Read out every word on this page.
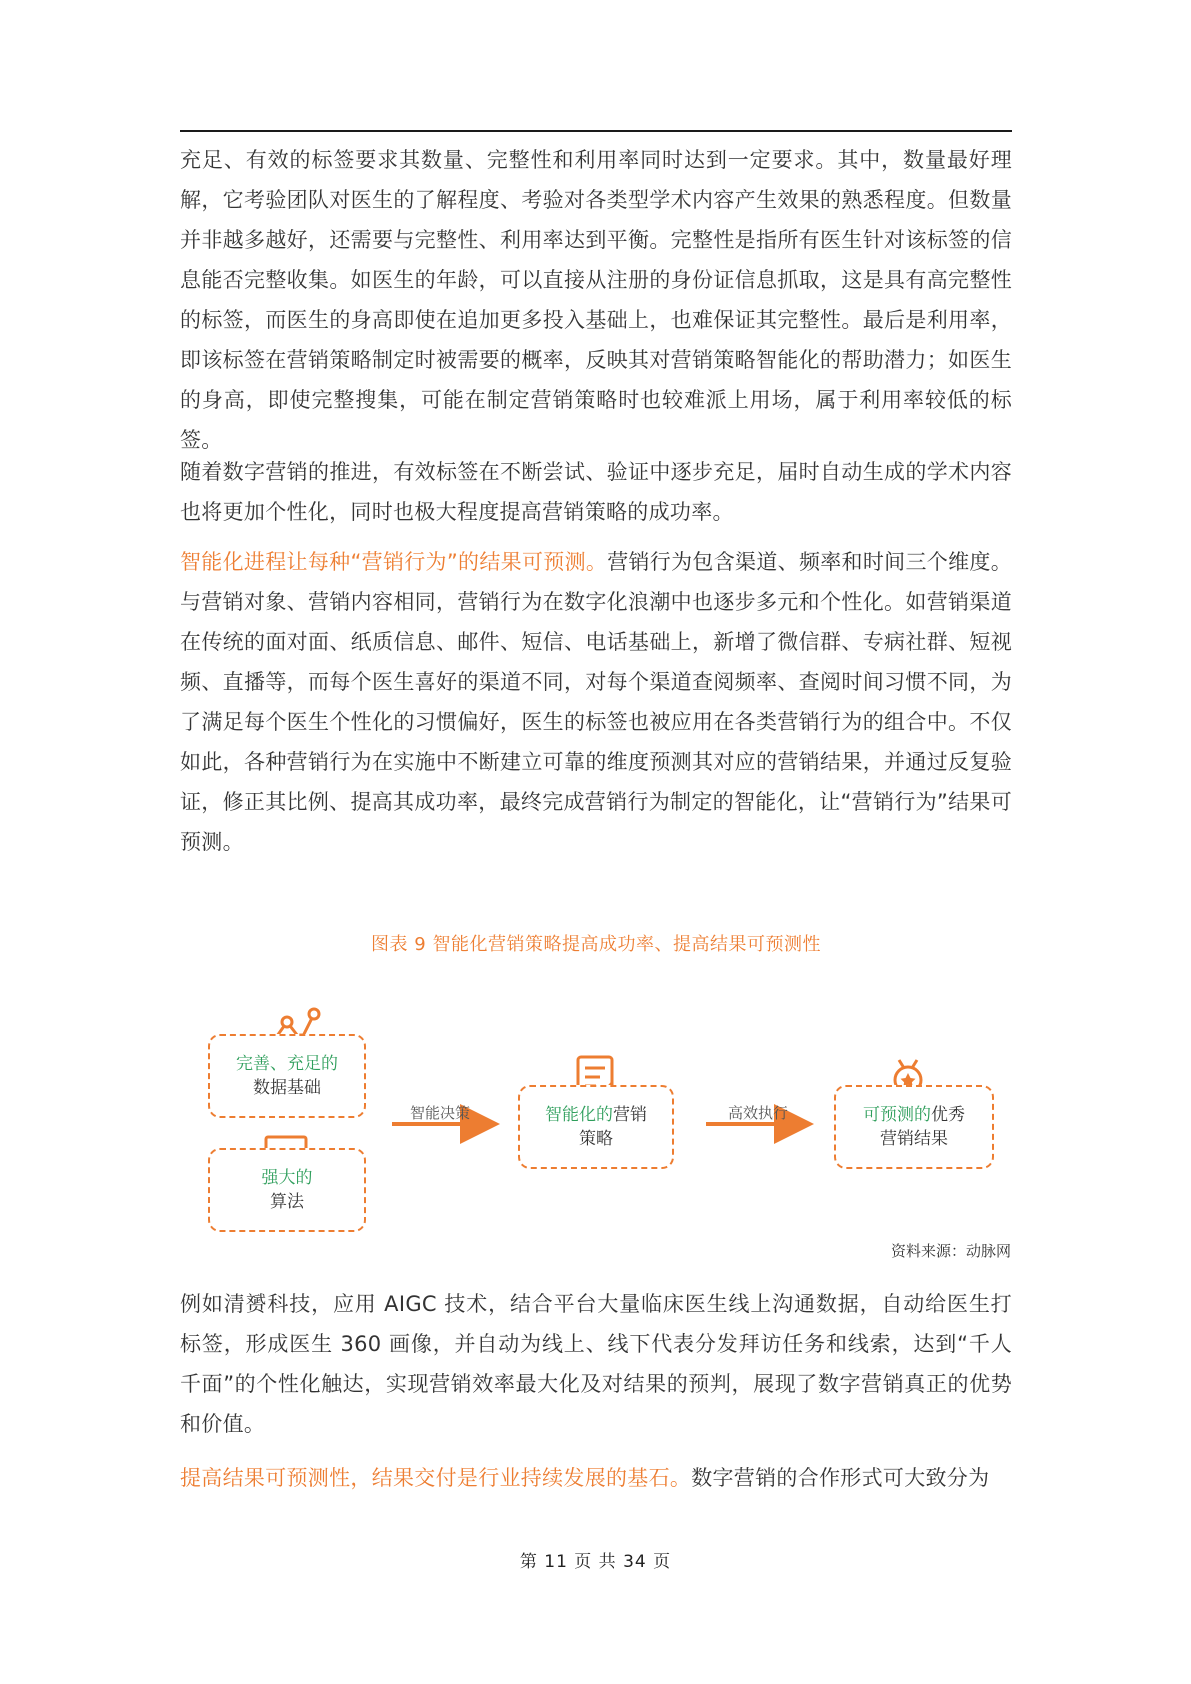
充足、有效的标签要求其数量、完整性和利用率同时达到一定要求。其中，数量最好理解，它考验团队对医生的了解程度、考验对各类型学术内容产生效果的熟悉程度。但数量并非越多越好，还需要与完整性、利用率达到平衡。完整性是指所有医生针对该标签的信息能否完整收集。如医生的年龄，可以直接从注册的身份证信息抓取，这是具有高完整性的标签，而医生的身高即使在追加更多投入基础上，也难保证其完整性。最后是利用率，即该标签在营销策略制定时被需要的概率，反映其对营销策略智能化的帮助潜力；如医生的身高，即使完整搜集，可能在制定营销策略时也较难派上用场，属于利用率较低的标签。

随着数字营销的推进，有效标签在不断尝试、验证中逐步充足，届时自动生成的学术内容也将更加个性化，同时也极大程度提高营销策略的成功率。

智能化进程让每种“营销行为”的结果可预测。营销行为包含渠道、频率和时间三个维度。与营销对象、营销内容相同，营销行为在数字化浪潮中也逐步多元和个性化。如营销渠道在传统的面对面、纸质信息、邮件、短信、电话基础上，新增了微信群、专病社群、短视频、直播等，而每个医生喜好的渠道不同，对每个渠道查阅频率、查阅时间习惯不同，为了满足每个医生个性化的习惯偏好，医生的标签也被应用在各类营销行为的组合中。不仅如此，各种营销行为在实施中不断建立可靠的维度预测其对应的营销结果，并通过反复验证，修正其比例、提高其成功率，最终完成营销行为制定的智能化，让“营销行为”结果可预测。

图表 9 智能化营销策略提高成功率、提高结果可预测性
完善、充足的
数据基础
强大的
算法
智能决策	智能化的营销
策略
高效执行	可预测的优秀
营销结果
资料来源：动脉网

例如清赟科技，应用 AIGC 技术，结合平台大量临床医生线上沟通数据，自动给医生打标签，形成医生 360 画像，并自动为线上、线下代表分发拜访任务和线索，达到“千人千面”的个性化触达，实现营销效率最大化及对结果的预判，展现了数字营销真正的优势和价值。

提高结果可预测性，结果交付是行业持续发展的基石。数字营销的合作形式可大致分为

第 11 页 共 34 页
